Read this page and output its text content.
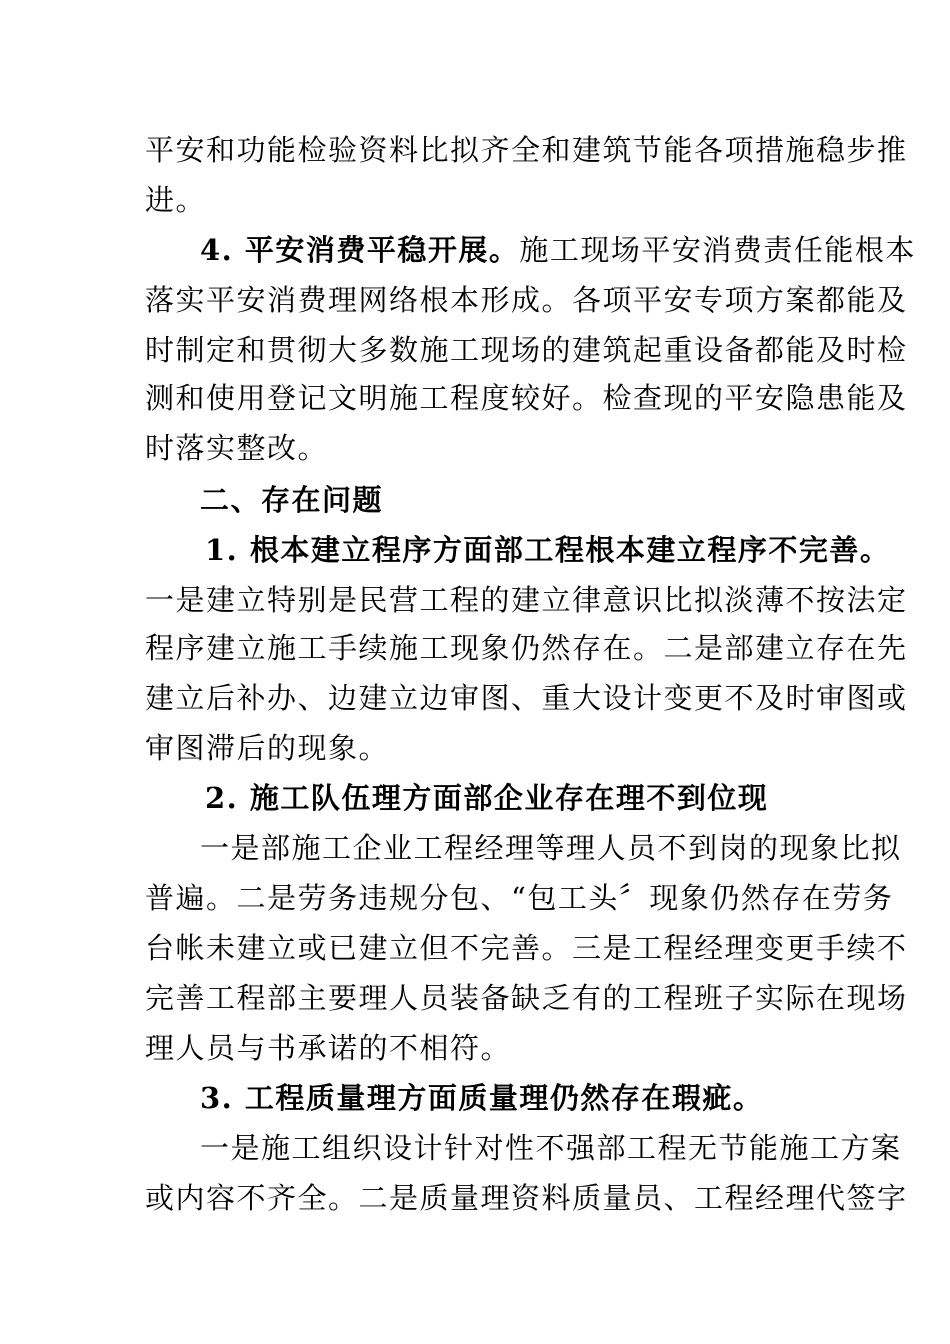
平安和功能检验资料比拟齐全和建筑节能各项措施稳步推
进。
4. 平安消费平稳开展。施工现场平安消费责任能根本
落实平安消费理网络根本形成。各项平安专项方案都能及
时制定和贯彻大多数施工现场的建筑起重设备都能及时检
测和使用登记文明施工程度较好。检查现的平安隐患能及
时落实整改。
二、存在问题
1. 根本建立程序方面部工程根本建立程序不完善。
一是建立特别是民营工程的建立律意识比拟淡薄不按法定
程序建立施工手续施工现象仍然存在。二是部建立存在先
建立后补办、边建立边审图、重大设计变更不及时审图或
审图滞后的现象。
2. 施工队伍理方面部企业存在理不到位现
一是部施工企业工程经理等理人员不到岗的现象比拟
普遍。二是劳务违规分包、“包工头〞现象仍然存在劳务
台帐未建立或已建立但不完善。三是工程经理变更手续不
完善工程部主要理人员装备缺乏有的工程班子实际在现场
理人员与书承诺的不相符。
3. 工程质量理方面质量理仍然存在瑕疵。
一是施工组织设计针对性不强部工程无节能施工方案
或内容不齐全。二是质量理资料质量员、工程经理代签字
